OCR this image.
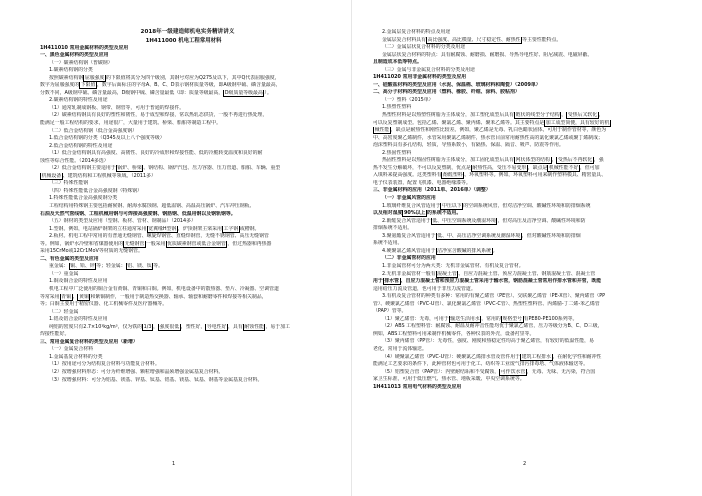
2018年一级建造师机电实务精讲讲义
1H411000 机电工程常用材料
1H411010 常用金属材料的类型及应用
一、黑色金属材料的类型及应用
（一）碳素结构钢（普碳钢）
1.碳素结构钢的分类
按照碳素结构钢 屈服强度 的下限值将其分为四个级别，其钢号对应为Q275及以下，其中Q代表屈服强度，
数字为屈服强度的 下限值 ，数字后面标注的字母A、B、C、D表示钢材质量等级，即A级钢中硫、磷含量最高，
分数不同，A级钢中硫、磷含量最高，D级钢中硫、磷含量最低（即：质量等级最高， D级质量等级最高 ）。
2.碳素结构钢的特性及用途
（1）通常轧制成钢板、钢带、钢管等，可用于普通的焊接件。
（2）碳素结构钢具有良好的塑性和韧性，易于成型和焊接，常以热轧态供货，一般不再进行热处理，
能满足一般工程结构的要求，用途很广，大量用于建筑、桥梁、船舶等制造工程中。
（二）低合金结构钢（低合金高强度钢）
1.低合金结构钢的分类（Q345及以上八个强度等级）
2.低合金结构钢的特性及用途
（1）低合金结构钢具有高强度、高韧性、良好的冷成形和焊接性能、低的冷脆转变温度和良好的耐
蚀性等综合性能。（2014多选）
（2）低合金结构钢主要适用于 锅炉、桥梁 、钢结构、锅炉汽包、压力容器、压力管道、船舶、车辆、重型
机械设备 、建筑结构和工程机械等领域。（2011多）
（三）特殊性能钢
（四）特殊性能低合金高强度钢（特殊钢）
1.特殊性能低合金高强度钢分类
工程结构用特殊钢主要包括耐候钢、耐海水腐蚀钢、超低温钢、高温高压锅炉、汽车冲压钢板、
石油及天然气管线钢、工程机械用钢与可焊接高强度钢、钢筋钢、低温用钢以及钢轨钢等。
（五）钢材的类型及应用（型钢、板材、管材、钢制品）（2014多）
1.型钢。例如，电站锅炉钢架的立柱通常采用 宽翼缘H型钢 ，炉顶钢架主梁采用 工字钢 或槽钢。
2.板材。机电工程中常用的有普通无缝钢管、螺旋焊钢管、直缝焊钢管，无缝不锈钢管、高压无缝钢管
等。例如，锅炉水冷壁和省煤器使用的 无缝钢管 一般采用 优质碳素钢管或低合金钢管 ，但过热器和再热器
采用15CrMo或12Cr1MoV等材质的无缝钢管。
二、有色金属的类型及应用
重金属： 铜、铅、锌 等；轻金属： 铝、镁、钛 等。
（一）重金属
1.铜及铜合金的特性及应用
机电工程中广泛使用的铜合金有黄铜、青铜和白铜。例如，机电设备中的散热器、垫片、冷凝器、空调管道
等常采用 青铜 、 黄铜 和紫铜制作，一般用于制造热交换器、轴承、轴套和耐磨零件和焊接等相关制品，
等；白铜主要用于精密仪器、化工机械零件及医疗器械等。
（二）轻金属
1.铝及铝合金的特性及应用
纯铝的密度只有2.7×10³kg/m³，仅为铁的 1/3 ， 强度很低 ，塑性好， 导电性好 ，具有 耐蚀性能 ，易于加工
焊接性能好。
三、常用金属复合材料的类型及应用（新增）
（一）金属复合材料
1.金属基复合材料的分类
（1）按用途可分为结构复合材料与功能复合材料。
（2）按增强材料形态：可分为纤维增强、颗粒增强和晶须增强金属基复合材料。
（3）按增强材料：可分为铝基、镁基、锌基、钛基、铝基、镁基、钛基、钢基等金属基复合材料。
1
2.金属层复合材料的特点及用途
金属层复合材料具有 高比强度、高比模量、尺寸稳定性、耐热性 等主要性能特点。
（二）金属层状复合材料的分类及用途
金属层状复合材料的特点：具有耐腐蚀、耐磨损、耐磨损、导热导电性好、阻尼减震、电磁屏蔽、
且制造成本低等特点。
（三）金属与非金属复合材料的分类及用途
1H411020 常用非金属材料的类型及应用
一、硅酸盐材料的类型及应用（水泥、保温棉、玻璃材料和陶瓷）（2009单）
二、高分子材料的类型及应用（塑料、橡胶、纤维、涂料、胶粘剂）
（一）塑料（2015单）
1.热塑性塑料
热塑性材料是以热塑性树脂为主体成分，加工塑化成型后具有 链状的线型分子结构 ， 受热后又软化 ，
可以反复塑制成型。包括乙烯、聚氯乙烯、聚丙烯、聚苯乙烯等。其主要特点是 加工成型简便，具有较好的机
械性能 ，缺点是耐热性和刚性比较差。例如，聚乙烯是无毒、乳白色蜡状固体，可用于制作管材等，颜色为
中、高密度聚乙烯制件，水管采用聚氯乙烯制件，热水管目前常用耐热性高的氯化聚氯乙烯或聚丁烯制成；
泡沫塑料具有多孔结构，轻质，导热系数小，有隔热、保温、隔音、吸声、防震等作用。
2.热固性塑料
热固性塑料是以热固性树脂为主体成分，加工固化成型后具有 网状体型的结构 ， 受热后不再软化 ，强
热不发生分解破坏，不可以反复塑制，优点是 耐热性高，受压不易变形 ，缺点是 机械性能不好 ，但可加
入填料来提高强度。这类塑料有 酚醛塑料 、环氧塑料等。例如，环氧塑料可用来制作塑料模具、精密量具、
电子仪表装置，配置飞机漆、电器绝缘漆等。
三、非金属材料的应用（2011单、2016单）（调整）
（一）非金属风管的应用
1.玻璃纤维复合风管适用于 中压以下 的空调系统风管，但对洁净空调、酸碱性环境和防排烟系统
以及相对湿度 90%以上 的系统不适用。
2.酚醛复合风管适用于 低、中压空调系统及潮湿环境 ，但对高压及洁净空调、酸碱性环境和防
排烟系统不适用。
3.聚氨酯复合风管适用于 低、中、高压洁净空调系统及潮湿环境 ，但对酸碱性环境和防排烟
系统不适用。
4.硬聚氯乙烯风管适用于 洁净室含酸碱的排风系统 。
（二）非金属管材的应用
1.非金属管材可分为两大类：无机非金属管材、有机及复合管材。
2.无机非金属管材一般有 混凝土管 、自应力混凝土管、预应力混凝土管、钢筋混凝土管、混凝土管
用于 排水管 、自应力混凝土管和预应力混凝土管采用于输水管，钢筋混凝土管常用作排水管和井管，既能
适用给压力流及管道，也可用于非压力流管道。
3.有机及复合管材的种类有多种：常用的有聚乙烯管（PE管）、交联聚乙烯管（PE-X管）、聚丙烯管（PP
管）、硬聚氯乙烯管（PVC-U管）、氯化聚氯乙烯管（PVC-C管）、热塑性塑料管、丙烯腈-丁二烯-苯乙烯管
（PAP）管等。
（1）聚乙烯管：无毒，可用于 输送生活用水 ，常用的 规格型号 有PE80-PE100系列等。
（2）ABS 工程塑料管：耐腐蚀、耐温及耐冲击性能均优于聚氯乙烯管，压力等级分为B、C、D三级，
例如，ABS工程塑料可用来制作机械零件，各种仪表的外壳，设备衬里等。
（3）聚丙烯管（PP管）：无毒性，强度、刚度和热稳定性均高于聚乙烯管，有较好的低温性能，易
老化，常用于流体输送。
（4）硬聚氯乙烯管（PVC-U管）：硬聚氯乙烯排水管及管件用于 建筑工程排水 ，在耐化学性和耐冲性
能满足工艺要求的条件下，此种管材也可用于化工、纺织等工业废气排污排毒塔、气体液体输送等。
（5）铝塑复合管（PAP管）：内壁耐结垢和不受腐蚀， 可作饮水管 ，无毒、无味、无污染，符合国
家卫生标准，可用于低压燃气、热水管、地板采暖、中央空调系统等。
1H411013 常用电气材料的类型及应用
2
